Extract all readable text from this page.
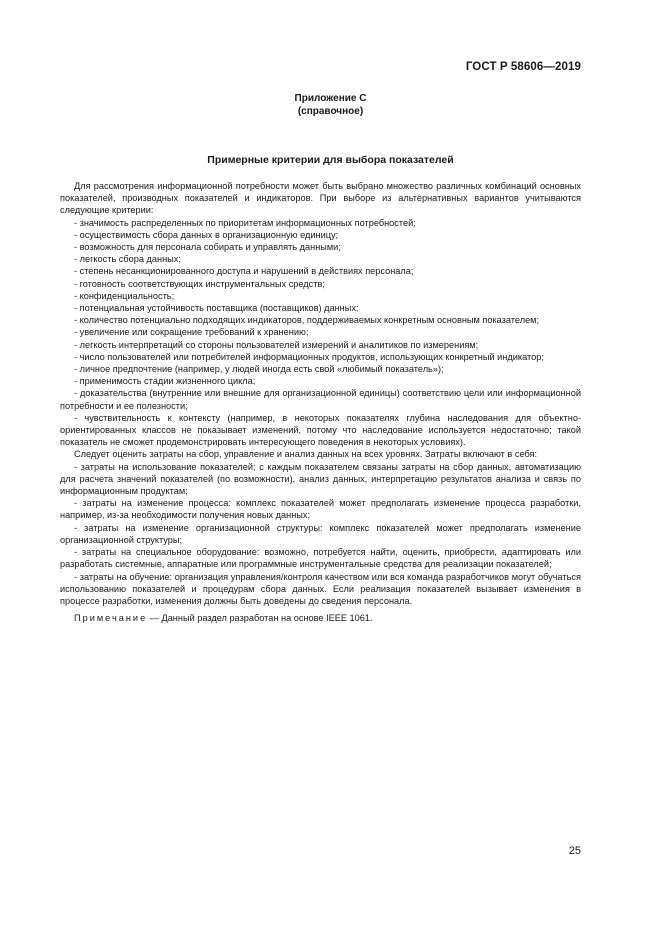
ГОСТ Р 58606—2019
Приложение С
(справочное)
Примерные критерии для выбора показателей

Для рассмотрения информационной потребности может быть выбрано множество различных комбинаций основных показателей, производных показателей и индикаторов. При выборе из альтернативных вариантов учитываются следующие критерии:

- значимость распределенных по приоритетам информационных потребностей;

- осуществимость сбора данных в организационную единицу;

- возможность для персонала собирать и управлять данными;

- легкость сбора данных;

- степень несанкционированного доступа и нарушений в действиях персонала;

- готовность соответствующих инструментальных средств;

- конфиденциальность;

- потенциальная устойчивость поставщика (поставщиков) данных;

- количество потенциально подходящих индикаторов, поддерживаемых конкретным основным показателем;

- увеличение или сокращение требований к хранению;

- легкость интерпретаций со стороны пользователей измерений и аналитиков по измерениям;

- число пользователей или потребителей информационных продуктов, использующих конкретный индикатор;

- личное предпочтение (например, у людей иногда есть свой «любимый показатель»);

- применимость стадии жизненного цикла;

- доказательства (внутренние или внешние для организационной единицы) соответствию цели или информационной потребности и ее полезности;

- чувствительность к контексту (например, в некоторых показателях глубина наследования для объектно-ориентированных классов не показывает изменений, потому что наследование используется недостаточно; такой показатель не сможет продемонстрировать интересующего поведения в некоторых условиях).

Следует оценить затраты на сбор, управление и анализ данных на всех уровнях. Затраты включают в себя:

- затраты на использование показателей; с каждым показателем связаны затраты на сбор данных, автоматизацию для расчета значений показателей (по возможности), анализ данных, интерпретацию результатов анализа и связь по информационным продуктам;

- затраты на изменение процесса: комплекс показателей может предполагать изменение процесса разработки, например, из-за необходимости получения новых данных;

- затраты на изменение организационной структуры: комплекс показателей может предполагать изменение организационной структуры;

- затраты на специальное оборудование: возможно, потребуется найти, оценить, приобрести, адаптировать или разработать системные, аппаратные или программные инструментальные средства для реализации показателей;

- затраты на обучение: организация управления/контроля качеством или вся команда разработчиков могут обучаться использованию показателей и процедурам сбора данных. Если реализация показателей вызывает изменения в процессе разработки, изменения должны быть доведены до сведения персонала.

Примечание — Данный раздел разработан на основе IEEE 1061.

25
